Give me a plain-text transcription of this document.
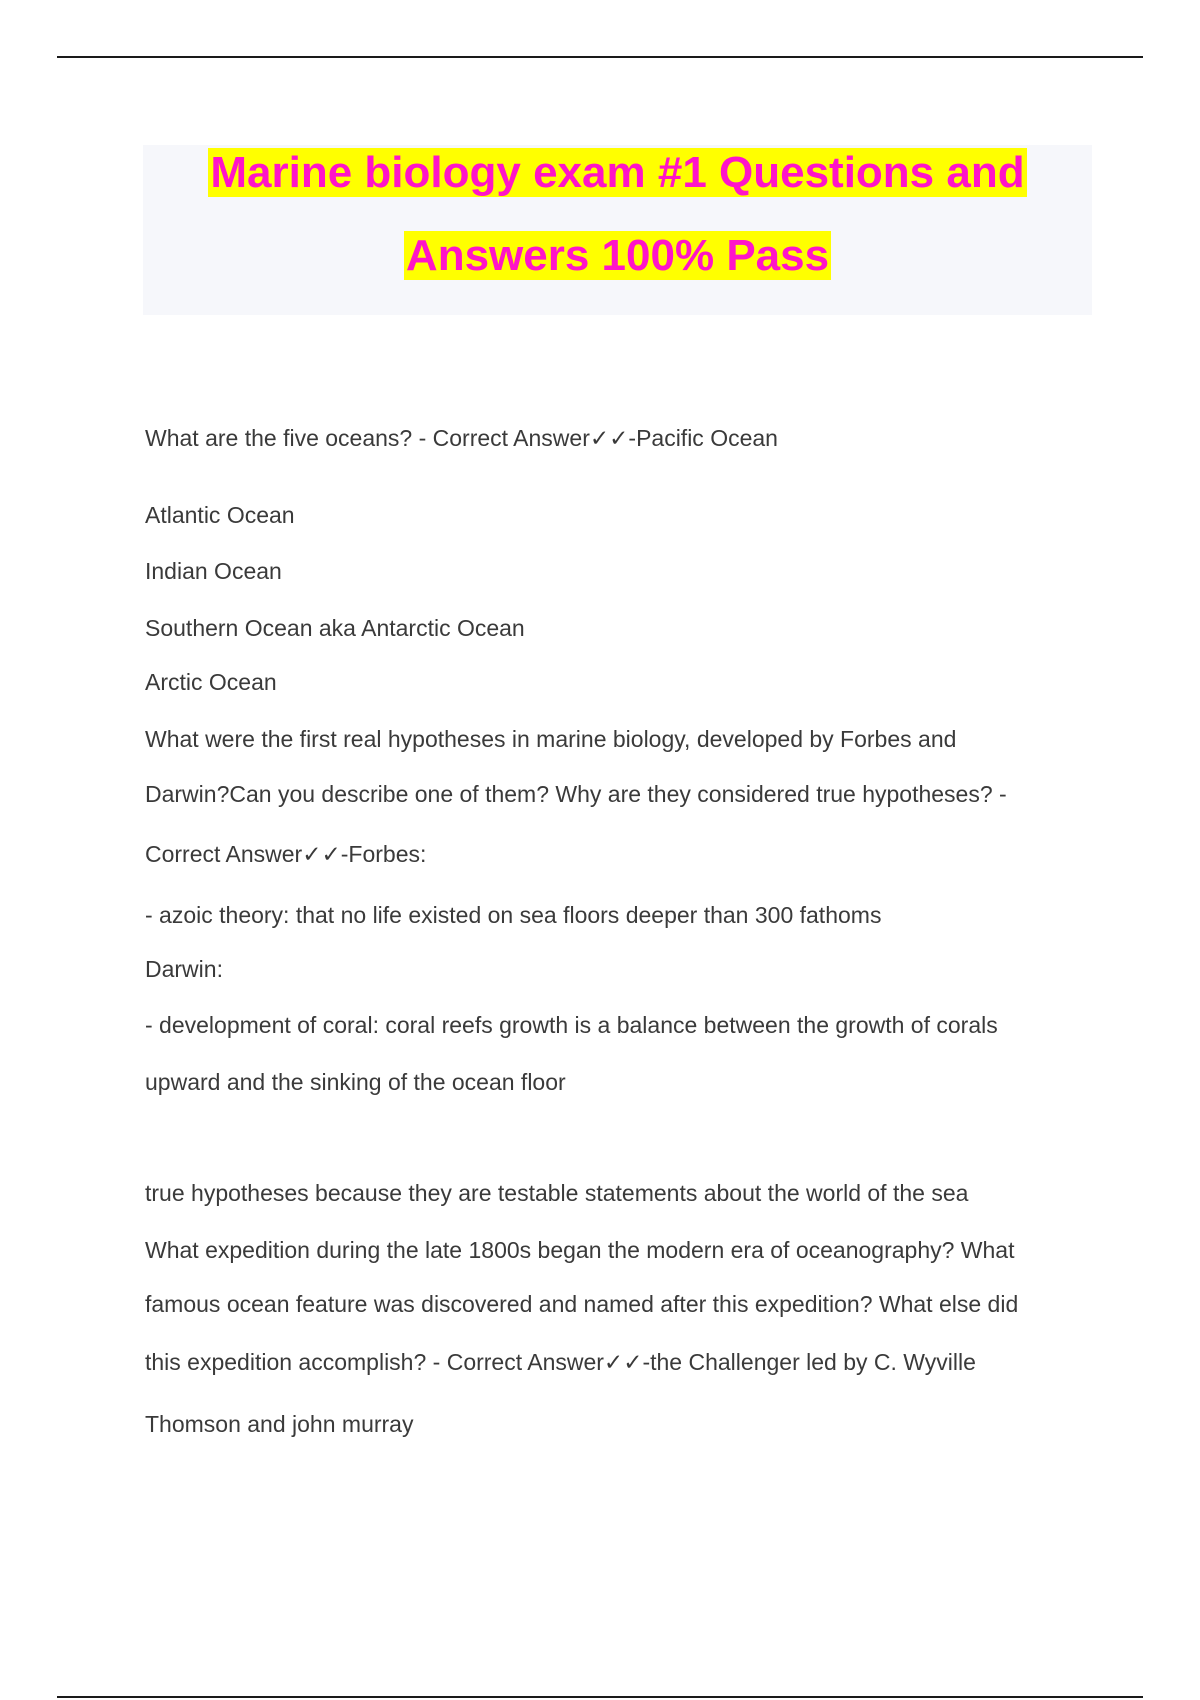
Marine biology exam #1 Questions and
Answers 100% Pass
What are the five oceans? - Correct Answer✓✓-Pacific Ocean
Atlantic Ocean
Indian Ocean
Southern Ocean aka Antarctic Ocean
Arctic Ocean
What were the first real hypotheses in marine biology, developed by Forbes and
Darwin?Can you describe one of them? Why are they considered true hypotheses? -
Correct Answer✓✓-Forbes:
- azoic theory: that no life existed on sea floors deeper than 300 fathoms
Darwin:
- development of coral: coral reefs growth is a balance between the growth of corals
upward and the sinking of the ocean floor
true hypotheses because they are testable statements about the world of the sea
What expedition during the late 1800s began the modern era of oceanography? What
famous ocean feature was discovered and named after this expedition? What else did
this expedition accomplish? - Correct Answer✓✓-the Challenger led by C. Wyville
Thomson and john murray
